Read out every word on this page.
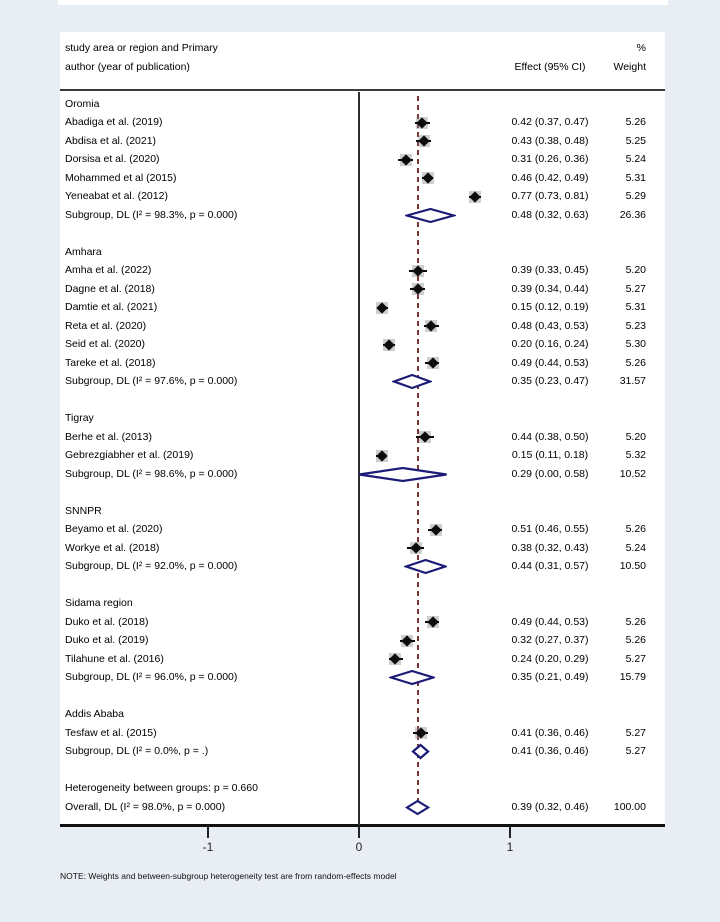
study area or region and Primary
author (year of publication)
%
Effect (95% CI)	Weight
Oromia
Abadiga et al. (2019)	0.42 (0.37, 0.47)	5.26
Abdisa et al. (2021)	0.43 (0.38, 0.48)	5.25
Dorsisa et al. (2020)	0.31 (0.26, 0.36)	5.24
Mohammed et al (2015)	0.46 (0.42, 0.49)	5.31
Yeneabat et al. (2012)	0.77 (0.73, 0.81)	5.29
Subgroup, DL (I² = 98.3%, p = 0.000)	0.48 (0.32, 0.63)	26.36
Amhara
Amha et al. (2022)	0.39 (0.33, 0.45)	5.20
Dagne et al. (2018)	0.39 (0.34, 0.44)	5.27
Damtie et al. (2021)	0.15 (0.12, 0.19)	5.31
Reta et al. (2020)	0.48 (0.43, 0.53)	5.23
Seid et al. (2020)	0.20 (0.16, 0.24)	5.30
Tareke et al. (2018)	0.49 (0.44, 0.53)	5.26
Subgroup, DL (I² = 97.6%, p = 0.000)	0.35 (0.23, 0.47)	31.57
Tigray
Berhe et al. (2013)	0.44 (0.38, 0.50)	5.20
Gebrezgiabher et al. (2019)	0.15 (0.11, 0.18)	5.32
Subgroup, DL (I² = 98.6%, p = 0.000)	0.29 (0.00, 0.58)	10.52
SNNPR
Beyamo et al. (2020)	0.51 (0.46, 0.55)	5.26
Workye et al. (2018)	0.38 (0.32, 0.43)	5.24
Subgroup, DL (I² = 92.0%, p = 0.000)	0.44 (0.31, 0.57)	10.50
Sidama region
Duko et al. (2018)	0.49 (0.44, 0.53)	5.26
Duko et al. (2019)	0.32 (0.27, 0.37)	5.26
Tilahune et al. (2016)	0.24 (0.20, 0.29)	5.27
Subgroup, DL (I² = 96.0%, p = 0.000)	0.35 (0.21, 0.49)	15.79
Addis Ababa
Tesfaw et al. (2015)	0.41 (0.36, 0.46)	5.27
Subgroup, DL (I² = 0.0%, p = .)	0.41 (0.36, 0.46)	5.27
Heterogeneity between groups: p = 0.660
Overall, DL (I² = 98.0%, p = 0.000)	0.39 (0.32, 0.46)	100.00
-1	0	1
NOTE: Weights and between-subgroup heterogeneity test are from random-effects model
